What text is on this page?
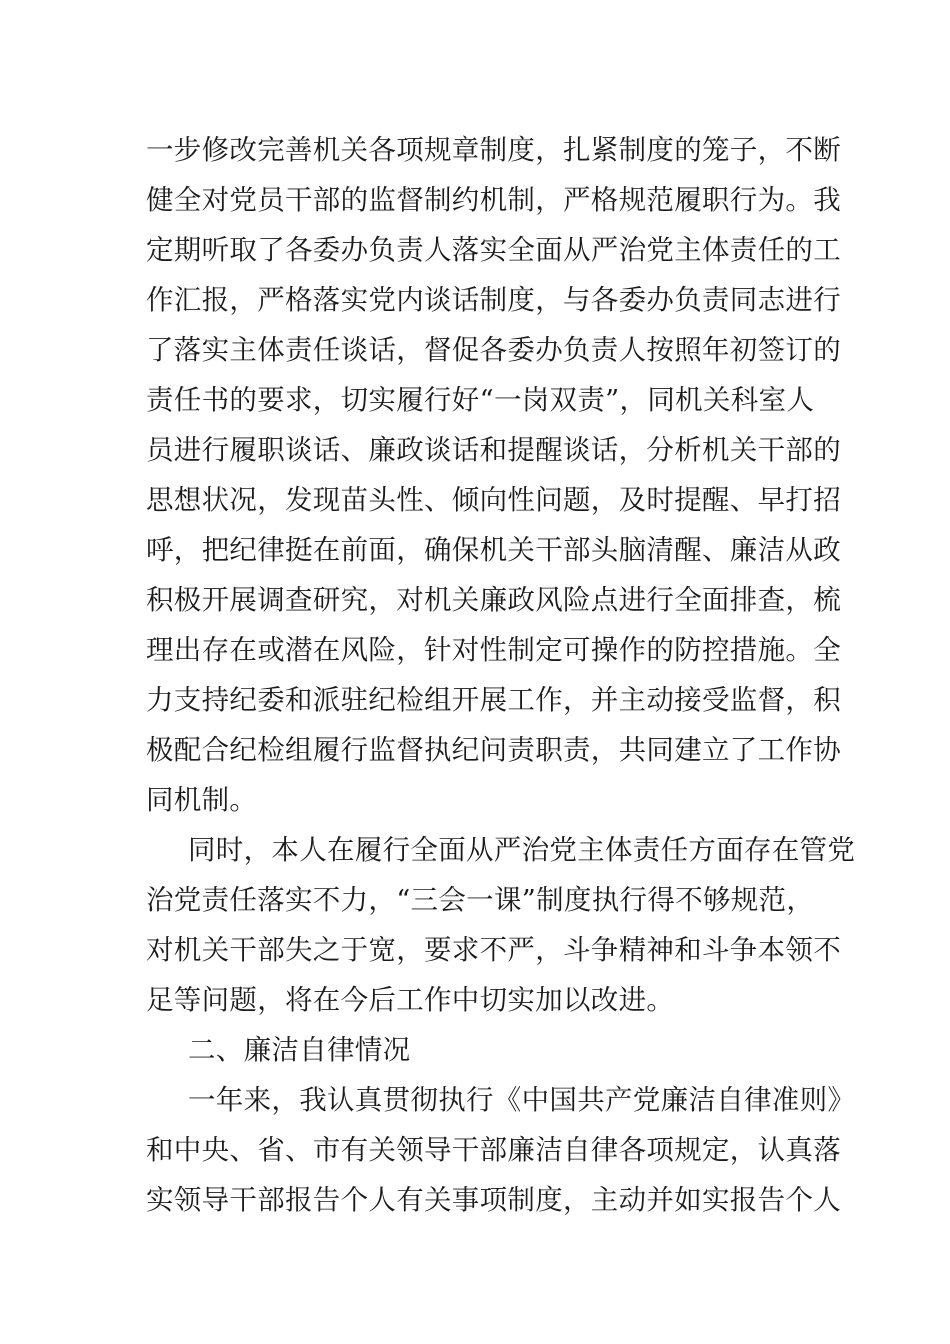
一步修改完善机关各项规章制度，扎紧制度的笼子，不断

健全对党员干部的监督制约机制，严格规范履职行为。我

定期听取了各委办负责人落实全面从严治党主体责任的工

作汇报，严格落实党内谈话制度，与各委办负责同志进行

了落实主体责任谈话，督促各委办负责人按照年初签订的

责任书的要求，切实履行好“一岗双责”，同机关科室人

员进行履职谈话、廉政谈话和提醒谈话，分析机关干部的

思想状况，发现苗头性、倾向性问题，及时提醒、早打招

呼，把纪律挺在前面，确保机关干部头脑清醒、廉洁从政

积极开展调查研究，对机关廉政风险点进行全面排查，梳

理出存在或潜在风险，针对性制定可操作的防控措施。全

力支持纪委和派驻纪检组开展工作，并主动接受监督，积

极配合纪检组履行监督执纪问责职责，共同建立了工作协

同机制。

同时，本人在履行全面从严治党主体责任方面存在管党

治党责任落实不力，“三会一课”制度执行得不够规范，

对机关干部失之于宽，要求不严，斗争精神和斗争本领不

足等问题，将在今后工作中切实加以改进。

二、廉洁自律情况

一年来，我认真贯彻执行《中国共产党廉洁自律准则》

和中央、省、市有关领导干部廉洁自律各项规定，认真落

实领导干部报告个人有关事项制度，主动并如实报告个人
